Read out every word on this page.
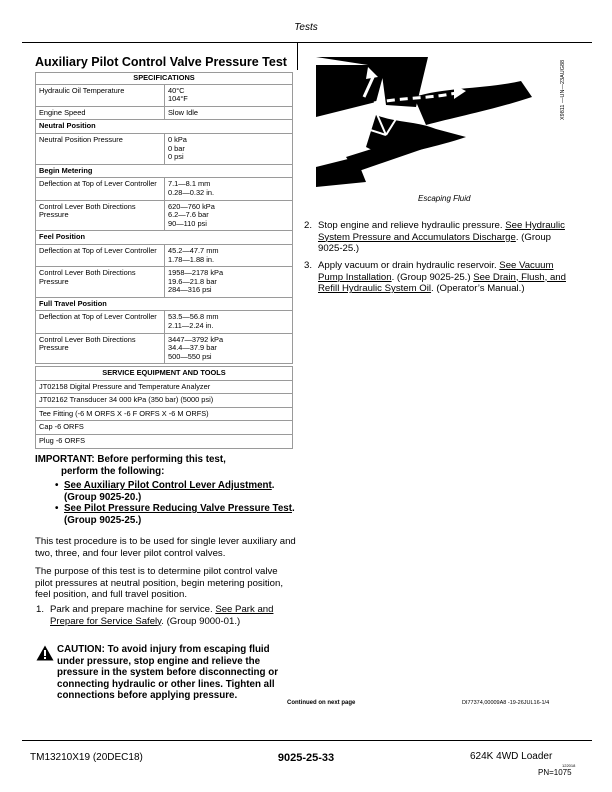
Tests
Auxiliary Pilot Control Valve Pressure Test
SPECIFICATIONS	
Hydraulic Oil Temperature	40°C
104°F
Engine Speed	Slow Idle
Neutral Position	
Neutral Position Pressure	0 kPa
0 bar
0 psi
Begin Metering	
Deflection at Top of Lever Controller	7.1—8.1 mm
0.28—0.32 in.
Control Lever Both Directions Pressure	620—760 kPa
6.2—7.6 bar
90—110 psi
Feel Position	
Deflection at Top of Lever Controller	45.2—47.7 mm
1.78—1.88 in.
Control Lever Both Directions Pressure	1958—2178 kPa
19.6—21.8 bar
284—316 psi
Full Travel Position	
Deflection at Top of Lever Controller	53.5—56.8 mm
2.11—2.24 in.
Control Lever Both Directions Pressure	3447—3792 kPa
34.4—37.9 bar
500—550 psi
SERVICE EQUIPMENT AND TOOLS
JT02158 Digital Pressure and Temperature Analyzer
JT02162 Transducer 34 000 kPa (350 bar) (5000 psi)
Tee Fitting (-6 M ORFS X -6 F ORFS X -6 M ORFS)
Cap -6 ORFS
Plug -6 ORFS
IMPORTANT: Before performing this test,
perform the following:
• See Auxiliary Pilot Control Lever Adjustment. (Group 9025-20.)
• See Pilot Pressure Reducing Valve Pressure Test. (Group 9025-25.)
This test procedure is to be used for single lever auxiliary and two, three, and four lever pilot control valves.
The purpose of this test is to determine pilot control valve pilot pressures at neutral position, begin metering position, feel position, and full travel position.
1. Park and prepare machine for service. See Park and Prepare for Service Safely. (Group 9000-01.)
CAUTION: To avoid injury from escaping fluid under pressure, stop engine and relieve the pressure in the system before disconnecting or connecting hydraulic or other lines. Tighten all connections before applying pressure.
X9811 —UN—23AUG88
Escaping Fluid
2. Stop engine and relieve hydraulic pressure. See Hydraulic System Pressure and Accumulators Discharge. (Group 9025-25.)
3. Apply vacuum or drain hydraulic reservoir. See Vacuum Pump Installation. (Group 9025-25.) See Drain, Flush, and Refill Hydraulic System Oil. (Operator’s Manual.)
Continued on next page	DI77374,00009A8 -19-26JUL16-1/4
TM13210X19 (20DEC18)	9025-25-33	624K 4WD Loader
122018
PN=1075
